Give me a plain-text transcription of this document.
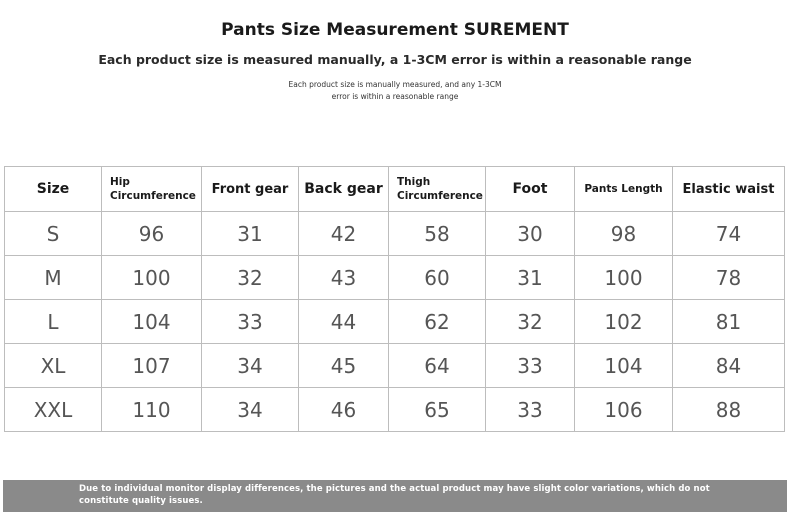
Pants Size Measurement SUREMENT
Each product size is measured manually, a 1-3CM error is within a reasonable range
Each product size is manually measured, and any 1-3CM
error is within a reasonable range
Size	Hip Circumference	Front gear	Back gear	Thigh Circumference	Foot	Pants Length	Elastic waist
S	96	31	42	58	30	98	74
M	100	32	43	60	31	100	78
L	104	33	44	62	32	102	81
XL	107	34	45	64	33	104	84
XXL	110	34	46	65	33	106	88
Due to individual monitor display differences, the pictures and the actual product may have slight color variations, which do not constitute quality issues.
